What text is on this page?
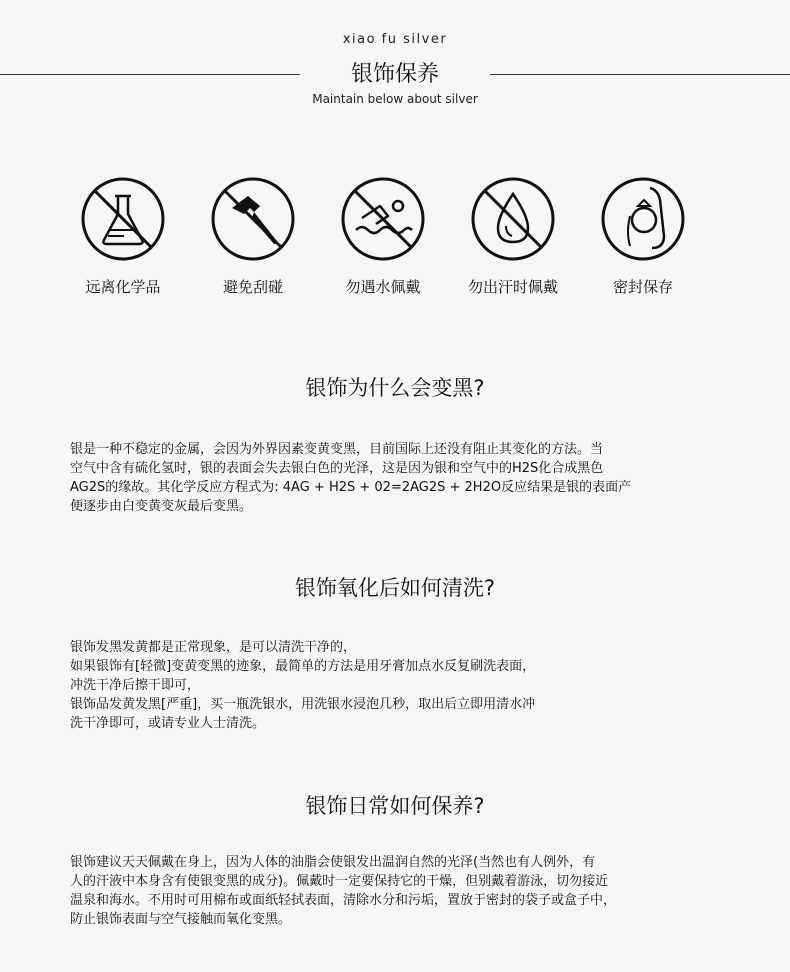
xiao fu silver
银饰保养
Maintain below about silver
远离化学品	避免刮碰	勿遇水佩戴	勿出汗时佩戴	密封保存
银饰为什么会变黑?

银是一种不稳定的金属，会因为外界因素变黄变黑，目前国际上还没有阻止其变化的方法。当

空气中含有硫化氢时，银的表面会失去银白色的光泽，这是因为银和空气中的H2S化合成黑色

AG2S的缘故。其化学反应方程式为: 4AG + H2S + 02=2AG2S + 2H2O反应结果是银的表面产

便逐步由白变黄变灰最后变黑。

银饰氧化后如何清洗?

银饰发黑发黄都是正常现象，是可以清洗干净的，

如果银饰有[轻微]变黄变黑的迹象，最简单的方法是用牙膏加点水反复刷洗表面，

冲洗干净后擦干即可，

银饰品发黄发黑[严重]，买一瓶洗银水，用洗银水浸泡几秒，取出后立即用清水冲

洗干净即可，或请专业人士清洗。

银饰日常如何保养?

银饰建议天天佩戴在身上，因为人体的油脂会使银发出温润自然的光泽(当然也有人例外，有

人的汗液中本身含有使银变黑的成分)。佩戴时一定要保持它的干燥，但别戴着游泳，切勿接近

温泉和海水。不用时可用棉布或面纸轻拭表面，清除水分和污垢，置放于密封的袋子或盒子中，

防止银饰表面与空气接触而氧化变黑。
